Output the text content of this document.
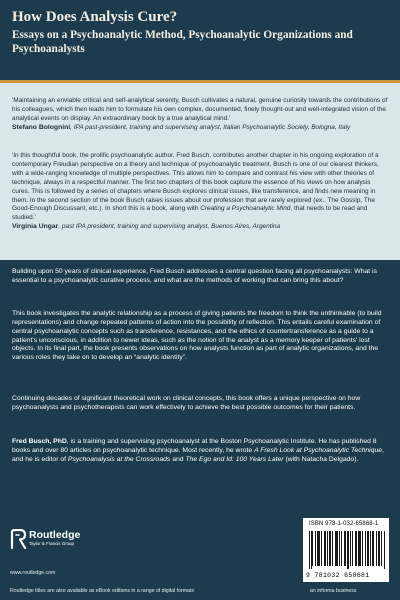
How Does Analysis Cure?
Essays on a Psychoanalytic Method, Psychoanalytic Organizations and Psychoanalysts

'Maintaining an enviable critical and self-analytical serenity, Busch cultivates a natural, genuine curiosity towards the contributions of his colleagues, which then leads him to formulate his own complex, documented, finely thought-out and well-integrated vision of the analytical events on display. An extraordinary book by a true analytical mind.'
Stefano Bolognini, IPA past-president, training and supervising analyst, Italian Psychoanalytic Society, Bologna, Italy

'In this thoughtful book, the prolific psychoanalytic author, Fred Busch, contributes another chapter in his ongoing exploration of a contemporary Freudian perspective on a theory and technique of psychoanalytic treatment. Busch is one of our clearest thinkers, with a wide-ranging knowledge of multiple perspectives. This allows him to compare and contrast his view with other theories of technique, always in a respectful manner. The first two chapters of this book capture the essence of his views on how analysis cures. This is followed by a series of chapters where Busch explores clinical issues, like transference, and finds new meaning in them. In the second section of the book Busch raises issues about our profession that are rarely explored (ex., The Gossip, The Good-Enough Discussant, etc.). In short this is a book, along with Creating a Psychoanalytic Mind, that needs to be read and studied.'
Virginia Ungar, past IPA president, training and supervising analyst, Buenos Aires, Argentina

Building upon 50 years of clinical experience, Fred Busch addresses a central question facing all psychoanalysts: What is essential to a psychoanalytic curative process, and what are the methods of working that can bring this about?

This book investigates the analytic relationship as a process of giving patients the freedom to think the unthinkable (to build representations) and change repeated patterns of action into the possibility of reflection. This entails careful examination of central psychoanalytic concepts such as transference, resistances, and the ethics of countertransference as a guide to a patient's unconscious, in addition to newer ideas, such as the notion of the analyst as a memory keeper of patients' lost objects. In its final part, the book presents observations on how analysts function as part of analytic organizations, and the various roles they take on to develop an “analytic identity”.

Continuing decades of significant theoretical work on clinical concepts, this book offers a unique perspective on how psychoanalysts and psychotherapists can work effectively to achieve the best possible outcomes for their patients.

Fred Busch, PhD, is a training and supervising psychoanalyst at the Boston Psychoanalytic Institute. He has published 8 books and over 80 articles on psychoanalytic technique. Most recently, he wrote A Fresh Look at Psychoanalytic Technique, and he is editor of Psychoanalysis at the Crossroads and The Ego and Id: 100 Years Later (with Natacha Delgado).

Routledge

Taylor & Francis Group

www.routledge.com

Routledge titles are also available as eBook editions in a range of digital formats	an informa business

ISBN 978-1-032-65868-1

9 781032 658681
